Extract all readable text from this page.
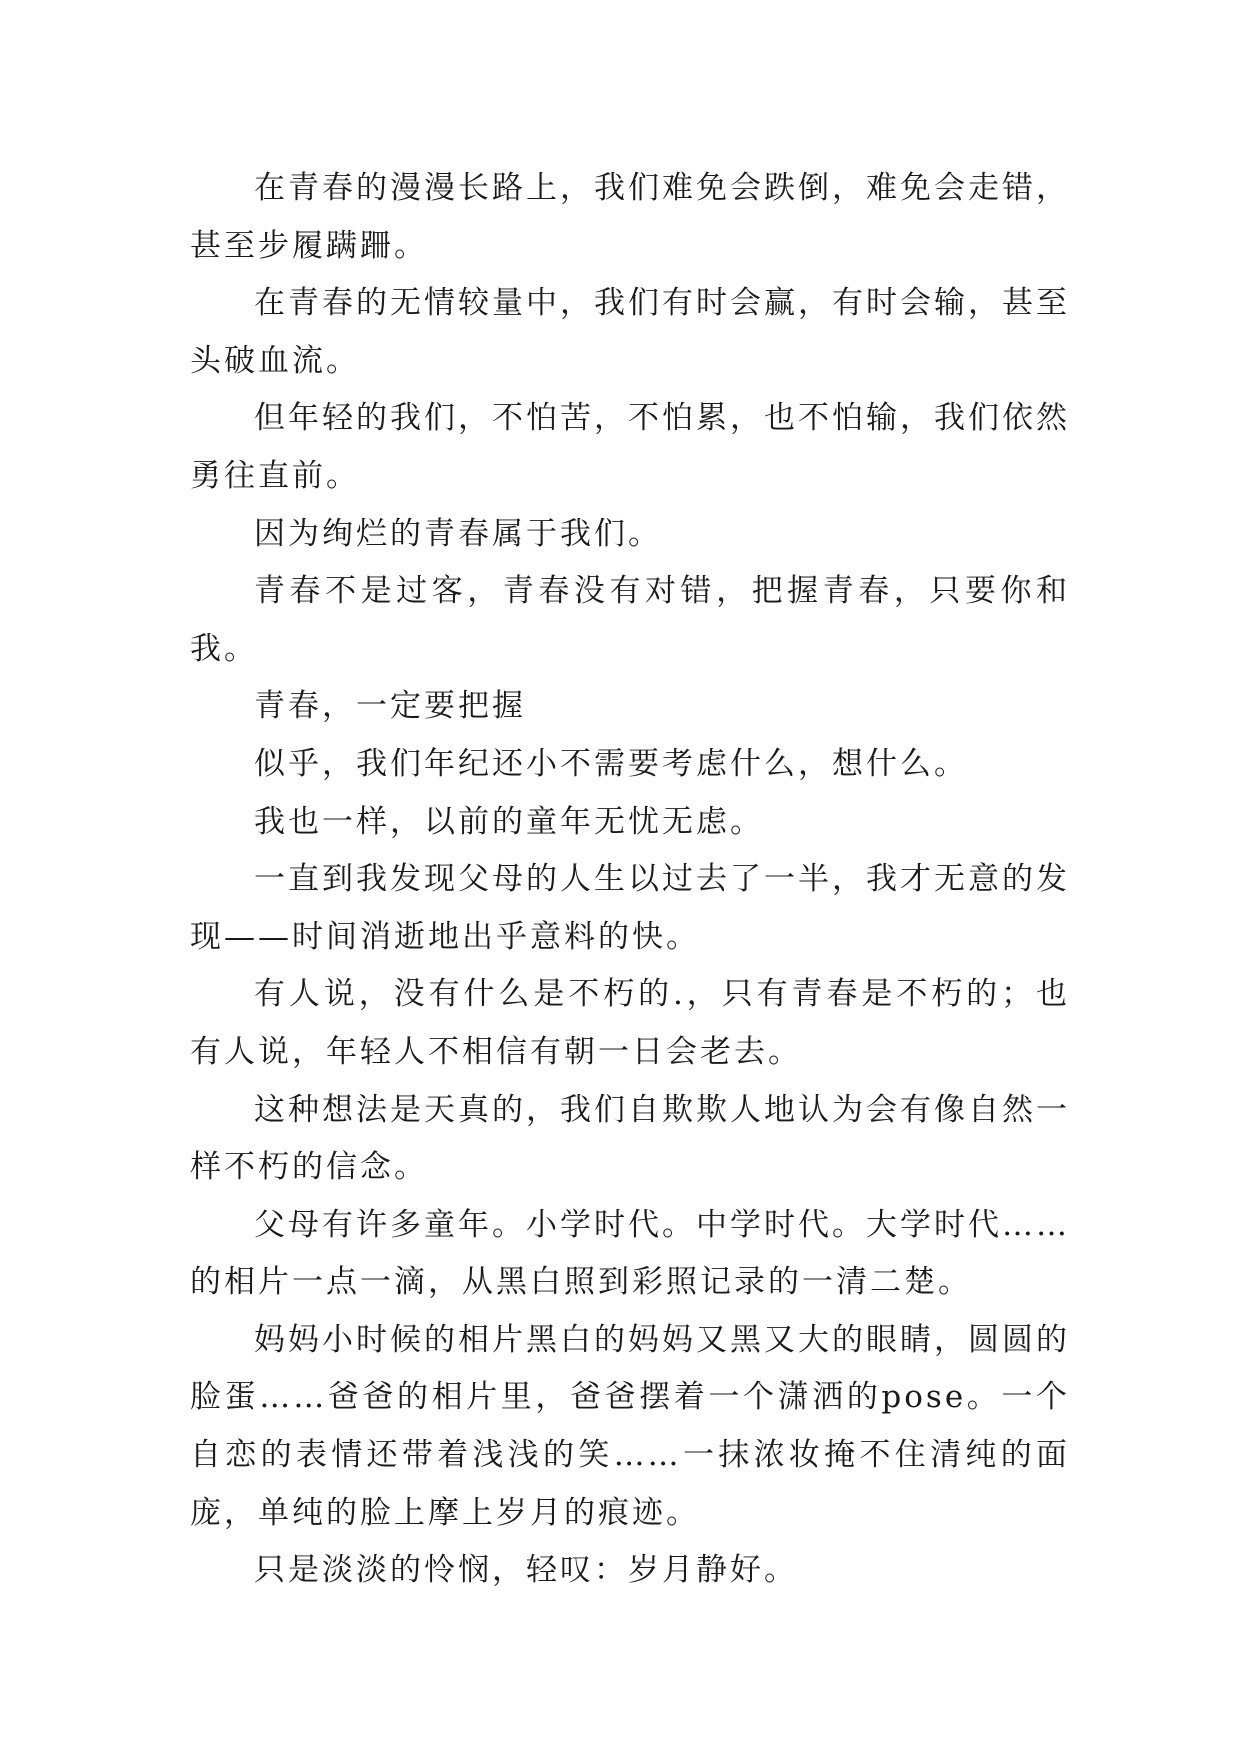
在青春的漫漫长路上，我们难免会跌倒，难免会走错，甚至步履蹒跚。

在青春的无情较量中，我们有时会赢，有时会输，甚至头破血流。

但年轻的我们，不怕苦，不怕累，也不怕输，我们依然勇往直前。

因为绚烂的青春属于我们。

青春不是过客，青春没有对错，把握青春，只要你和我。

青春，一定要把握

似乎，我们年纪还小不需要考虑什么，想什么。

我也一样，以前的童年无忧无虑。

一直到我发现父母的人生以过去了一半，我才无意的发现——时间消逝地出乎意料的快。

有人说，没有什么是不朽的.，只有青春是不朽的；也有人说，年轻人不相信有朝一日会老去。

这种想法是天真的，我们自欺欺人地认为会有像自然一样不朽的信念。

父母有许多童年。小学时代。中学时代。大学时代……的相片一点一滴，从黑白照到彩照记录的一清二楚。

妈妈小时候的相片黑白的妈妈又黑又大的眼睛，圆圆的脸蛋……爸爸的相片里，爸爸摆着一个潇洒的pose。一个自恋的表情还带着浅浅的笑……一抹浓妆掩不住清纯的面庞，单纯的脸上摩上岁月的痕迹。

只是淡淡的怜悯，轻叹：岁月静好。
